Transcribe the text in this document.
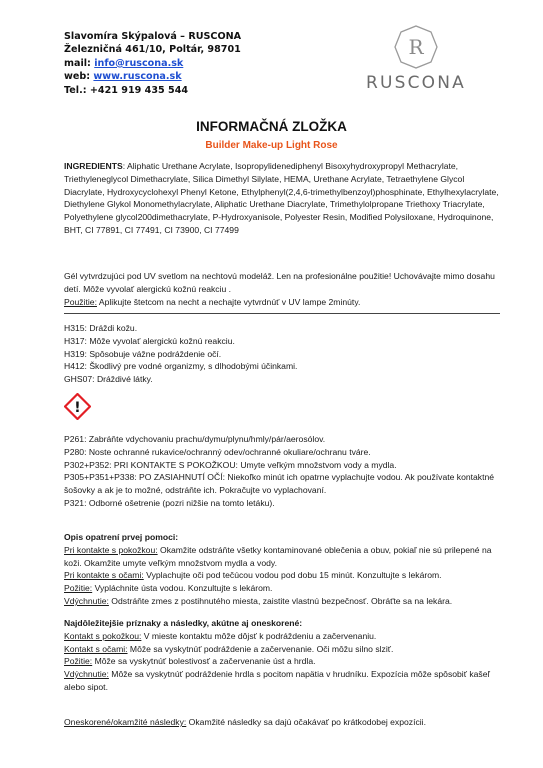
Slavomíra Skýpalová – RUSCONA
Železničná 461/10, Poltár, 98701
mail: info@ruscona.sk
web: www.ruscona.sk
Tel.: +421 919 435 544
R
RUSCONA
INFORMAČNÁ ZLOŽKA
Builder Make-up Light Rose
INGREDIENTS: Aliphatic Urethane Acrylate, Isopropylidenediphenyl Bisoxyhydroxypropyl Methacrylate, Triethyleneglycol Dimethacrylate, Silica Dimethyl Silylate, HEMA, Urethane Acrylate, Tetraethylene Glycol Diacrylate, Hydroxycyclohexyl Phenyl Ketone, Ethylphenyl(2,4,6-trimethylbenzoyl)phosphinate, Ethylhexylacrylate, Diethylene Glykol Monomethylacrylate, Aliphatic Urethane Diacrylate, Trimethylolpropane Triethoxy Triacrylate, Polyethylene glycol200dimethacrylate, P-Hydroxyanisole, Polyester Resin, Modified Polysiloxane, Hydroquinone, BHT, CI 77891, CI 77491, CI 73900, CI 77499

Gél vytvrdzujúci pod UV svetlom na nechtovú modeláž. Len na profesionálne použitie! Uchovávajte mimo dosahu detí. Môže vyvolať alergickú kožnú reakciu .

Použitie: Aplikujte štetcom na necht a nechajte vytvrdnúť v UV lampe 2minúty.

H315: Dráždi kožu.

H317: Môže vyvolať alergickú kožnú reakciu.

H319: Spôsobuje vážne podráždenie očí.

H412: Škodlivý pre vodné organizmy, s dlhodobými účinkami.

GHS07: Dráždivé látky.

!

P261: Zabráňte vdychovaniu prachu/dymu/plynu/hmly/pár/aerosólov.

P280: Noste ochranné rukavice/ochranný odev/ochranné okuliare/ochranu tváre.

P302+P352: PRI KONTAKTE S POKOŽKOU: Umyte veľkým množstvom vody a mydla.

P305+P351+P338: PO ZASIAHNUTÍ OČÍ: Niekoľko minút ich opatrne vyplachujte vodou. Ak používate kontaktné šošovky a ak je to možné, odstráňte ich. Pokračujte vo vyplachovaní.

P321: Odborné ošetrenie (pozri nižšie na tomto letáku).

Opis opatrení prvej pomoci:

Pri kontakte s pokožkou: Okamžite odstráňte všetky kontaminované oblečenia a obuv, pokiaľ nie sú prilepené na koži. Okamžite umyte veľkým množstvom mydla a vody.

Pri kontakte s očami: Vyplachujte oči pod tečúcou vodou pod dobu 15 minút. Konzultujte s lekárom.

Požitie: Vypláchnite ústa vodou. Konzultujte s lekárom.

Vdýchnutie: Odstráňte zmes z postihnutého miesta, zaistite vlastnú bezpečnosť. Obráťte sa na lekára.

Najdôležitejšie príznaky a následky, akútne aj oneskorené:

Kontakt s pokožkou: V mieste kontaktu môže dôjsť k podráždeniu a začervenaniu.

Kontakt s očami: Môže sa vyskytnúť podráždenie a začervenanie. Oči môžu silno slziť.

Požitie: Môže sa vyskytnúť bolestivosť a začervenanie úst a hrdla.

Vdýchnutie: Môže sa vyskytnúť podráždenie hrdla s pocitom napätia v hrudníku. Expozícia môže spôsobiť kašeľ alebo sipot.

Oneskorené/okamžité následky: Okamžité následky sa dajú očakávať po krátkodobej expozícii.
